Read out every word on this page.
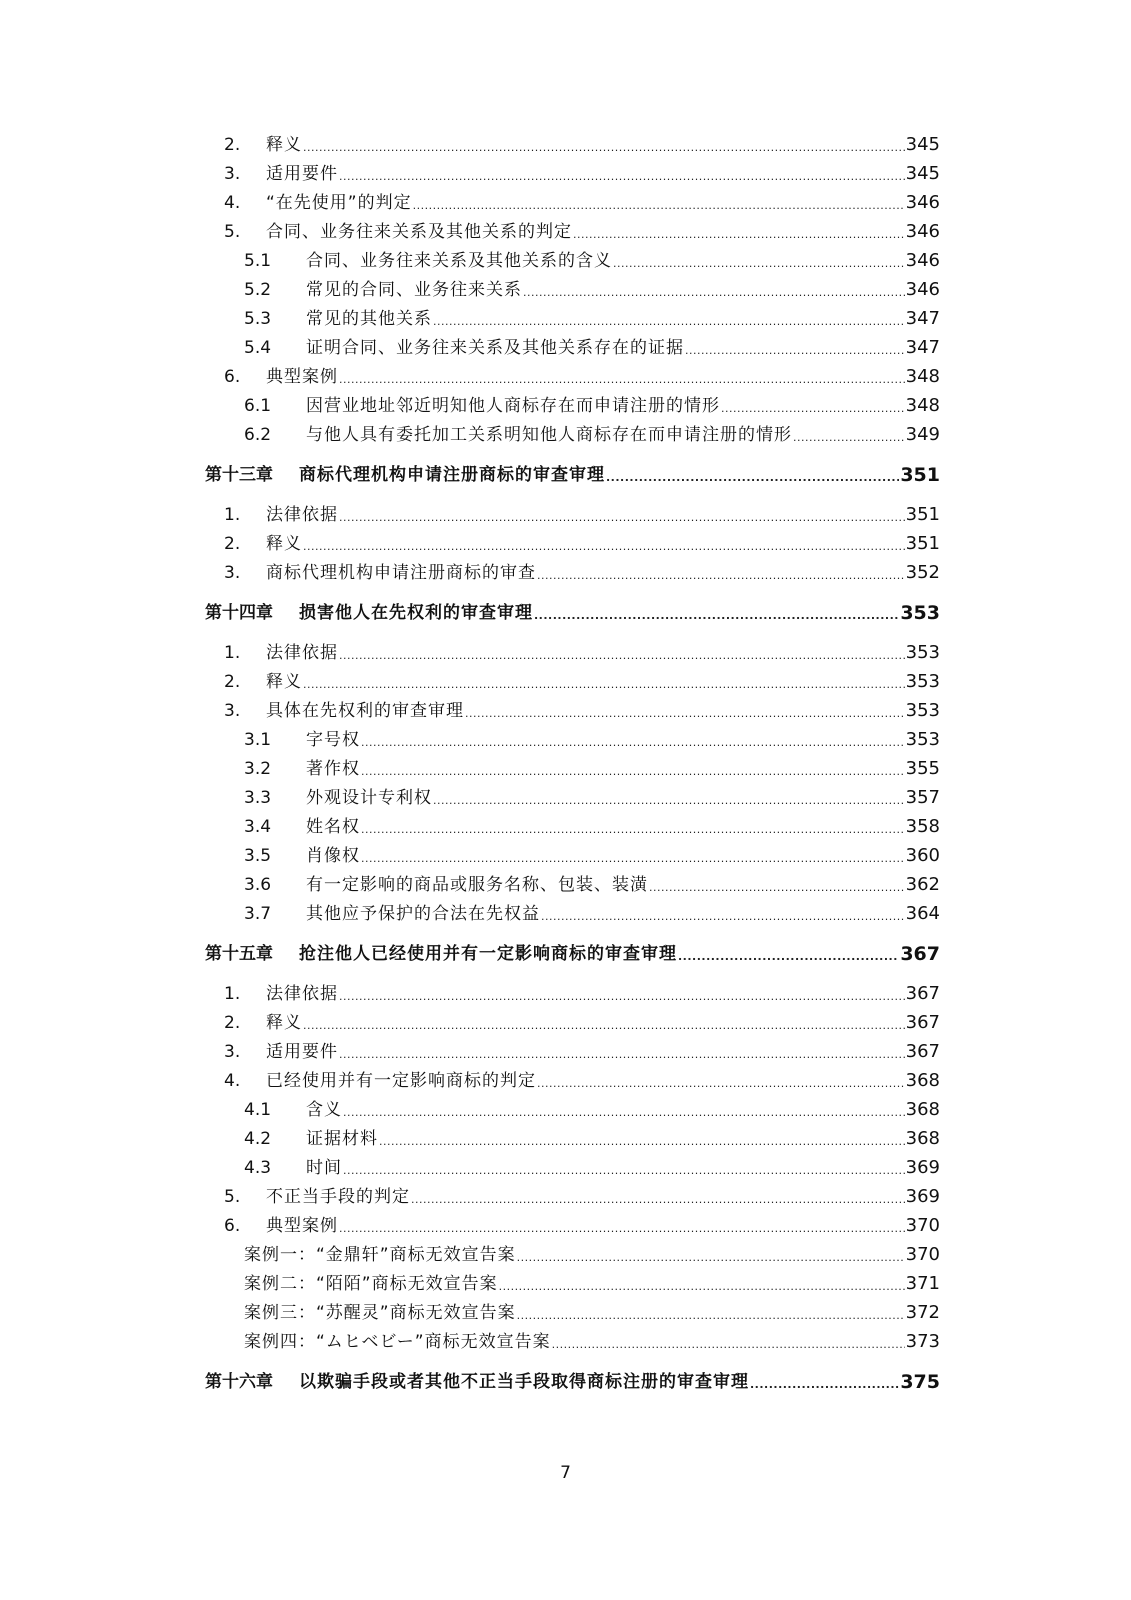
2.	释义 .....	345
3.	适用要件 .....	345
4.	“在先使用”的判定 .....	346
5.	合同、业务往来关系及其他关系的判定 .....	346
5.1	合同、业务往来关系及其他关系的含义 .....	346
5.2	常见的合同、业务往来关系 .....	346
5.3	常见的其他关系 .....	347
5.4	证明合同、业务往来关系及其他关系存在的证据 .....	347
6.	典型案例 .....	348
6.1	因营业地址邻近明知他人商标存在而申请注册的情形 .....	348
6.2	与他人具有委托加工关系明知他人商标存在而申请注册的情形 .....	349
第十三章	商标代理机构申请注册商标的审查审理 .....	351
1.	法律依据 .....	351
2.	释义 .....	351
3.	商标代理机构申请注册商标的审查 .....	352
第十四章	损害他人在先权利的审查审理 .....	353
1.	法律依据 .....	353
2.	释义 .....	353
3.	具体在先权利的审查审理 .....	353
3.1	字号权 .....	353
3.2	著作权 .....	355
3.3	外观设计专利权 .....	357
3.4	姓名权 .....	358
3.5	肖像权 .....	360
3.6	有一定影响的商品或服务名称、包装、装潢 .....	362
3.7	其他应予保护的合法在先权益 .....	364
第十五章	抢注他人已经使用并有一定影响商标的审查审理 .....	367
1.	法律依据 .....	367
2.	释义 .....	367
3.	适用要件 .....	367
4.	已经使用并有一定影响商标的判定 .....	368
4.1	含义 .....	368
4.2	证据材料 .....	368
4.3	时间 .....	369
5.	不正当手段的判定 .....	369
6.	典型案例 .....	370
案例一：“金鼎轩”商标无效宣告案 .....	370
案例二：“陌陌”商标无效宣告案 .....	371
案例三：“苏醒灵”商标无效宣告案 .....	372
案例四：“ムヒベビー”商标无效宣告案 .....	373
第十六章	以欺骗手段或者其他不正当手段取得商标注册的审查审理 .....	375
7
